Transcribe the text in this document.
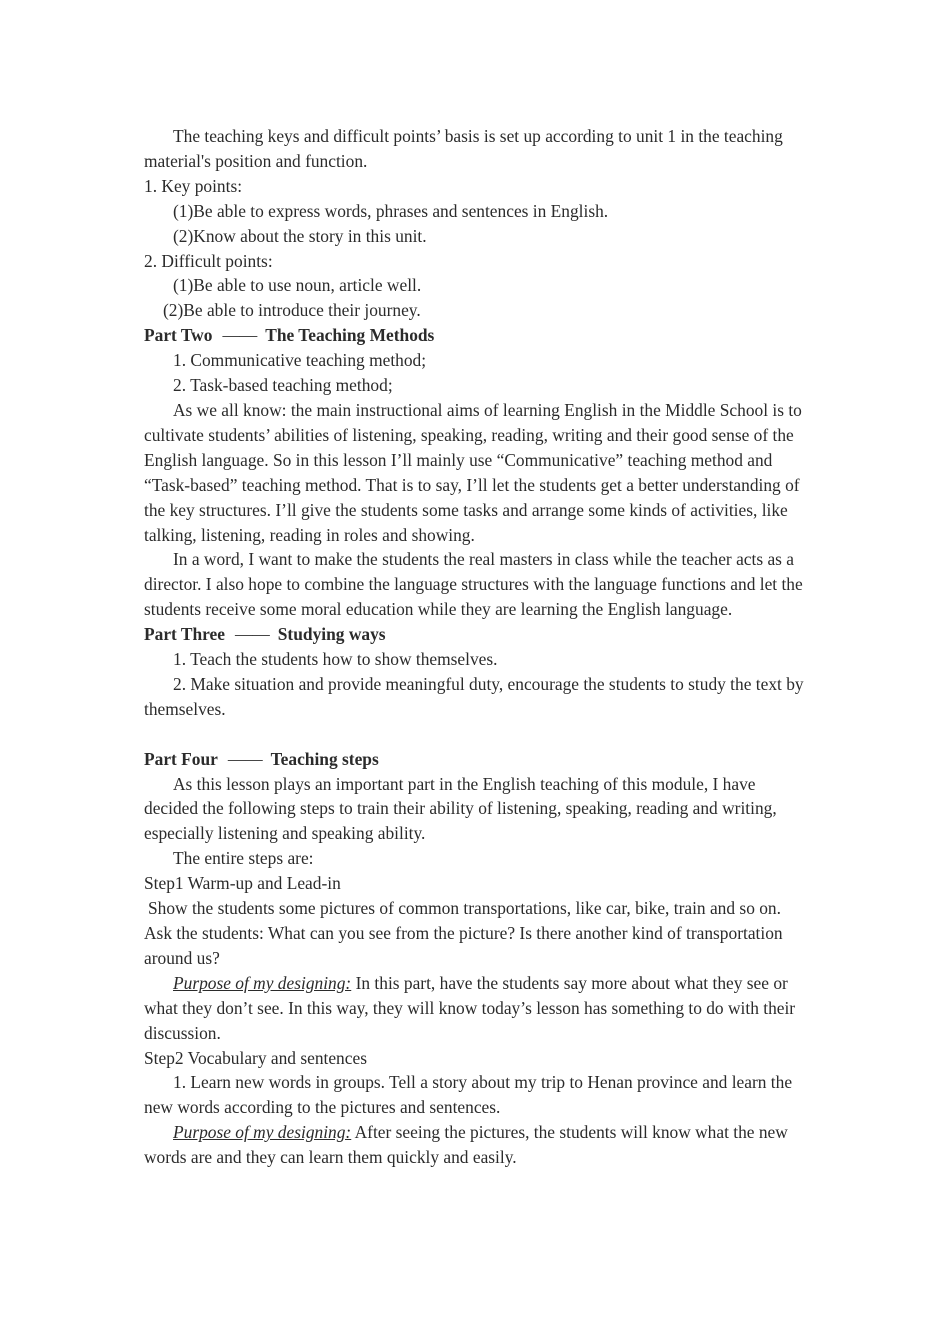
The teaching keys and difficult points’ basis is set up according to unit 1 in the teaching material's position and function.

1. Key points:

(1)Be able to express words, phrases and sentences in English.

(2)Know about the story in this unit.

2. Difficult points:

(1)Be able to use noun, article well.

(2)Be able to introduce their journey.

Part Two —— The Teaching Methods

1. Communicative teaching method;

2. Task-based teaching method;

As we all know: the main instructional aims of learning English in the Middle School is to cultivate students’ abilities of listening, speaking, reading, writing and their good sense of the English language. So in this lesson I’ll mainly use “Communicative” teaching method and “Task-based” teaching method. That is to say, I’ll let the students get a better understanding of the key structures. I’ll give the students some tasks and arrange some kinds of activities, like talking, listening, reading in roles and showing.

In a word, I want to make the students the real masters in class while the teacher acts as a director. I also hope to combine the language structures with the language functions and let the students receive some moral education while they are learning the English language.

Part Three —— Studying ways

1. Teach the students how to show themselves.

2. Make situation and provide meaningful duty, encourage the students to study the text by themselves.

Part Four —— Teaching steps

As this lesson plays an important part in the English teaching of this module, I have decided the following steps to train their ability of listening, speaking, reading and writing, especially listening and speaking ability.

The entire steps are:

Step1 Warm-up and Lead-in

Show the students some pictures of common transportations, like car, bike, train and so on. Ask the students: What can you see from the picture? Is there another kind of transportation around us?

Purpose of my designing: In this part, have the students say more about what they see or what they don’t see. In this way, they will know today’s lesson has something to do with their discussion.

Step2 Vocabulary and sentences

1. Learn new words in groups. Tell a story about my trip to Henan province and learn the new words according to the pictures and sentences.

Purpose of my designing: After seeing the pictures, the students will know what the new words are and they can learn them quickly and easily.
